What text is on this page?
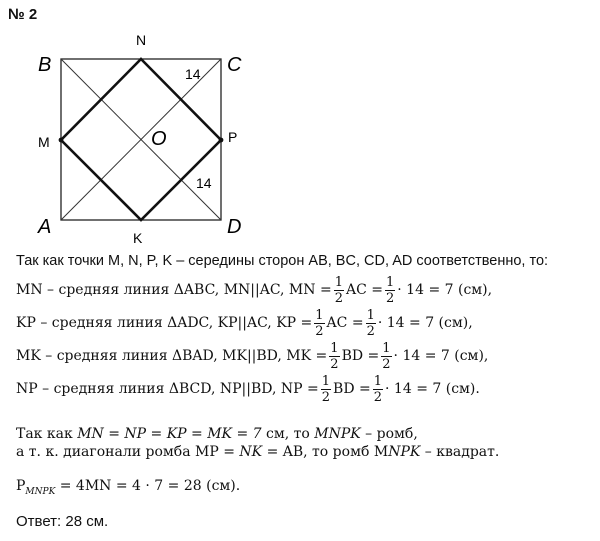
№ 2
B	C
A	D
O
N
M	P
K
14
14
Так как точки M, N, P, K – середины сторон AB, BC, CD, AD соответственно, то:
MN – средняя линия ΔABC, MN||AC, MN = $\frac{1}{2}$ AC = $\frac{1}{2} \cdot 14 = 7$ (см),
KP – средняя линия ΔADC, KP||AC, KP = $\frac{1}{2}$ AC = $\frac{1}{2} \cdot 14 = 7$ (см),
MK – средняя линия ΔBAD, MK||BD, MK = $\frac{1}{2}$ BD = $\frac{1}{2} \cdot 14 = 7$ (см),
NP – средняя линия ΔBCD, NP||BD, NP = $\frac{1}{2}$ BD = $\frac{1}{2} \cdot 14 = 7$ (см).
Так как MN = NP = KP = MK = 7 см, то MNPK – ромб,
а т. к. диагонали ромба MP = NK = AB, то ромб MNPK – квадрат.
$P_{MNPK} = 4MN = 4 \cdot 7 = 28$ (см).
Ответ: 28 см.
